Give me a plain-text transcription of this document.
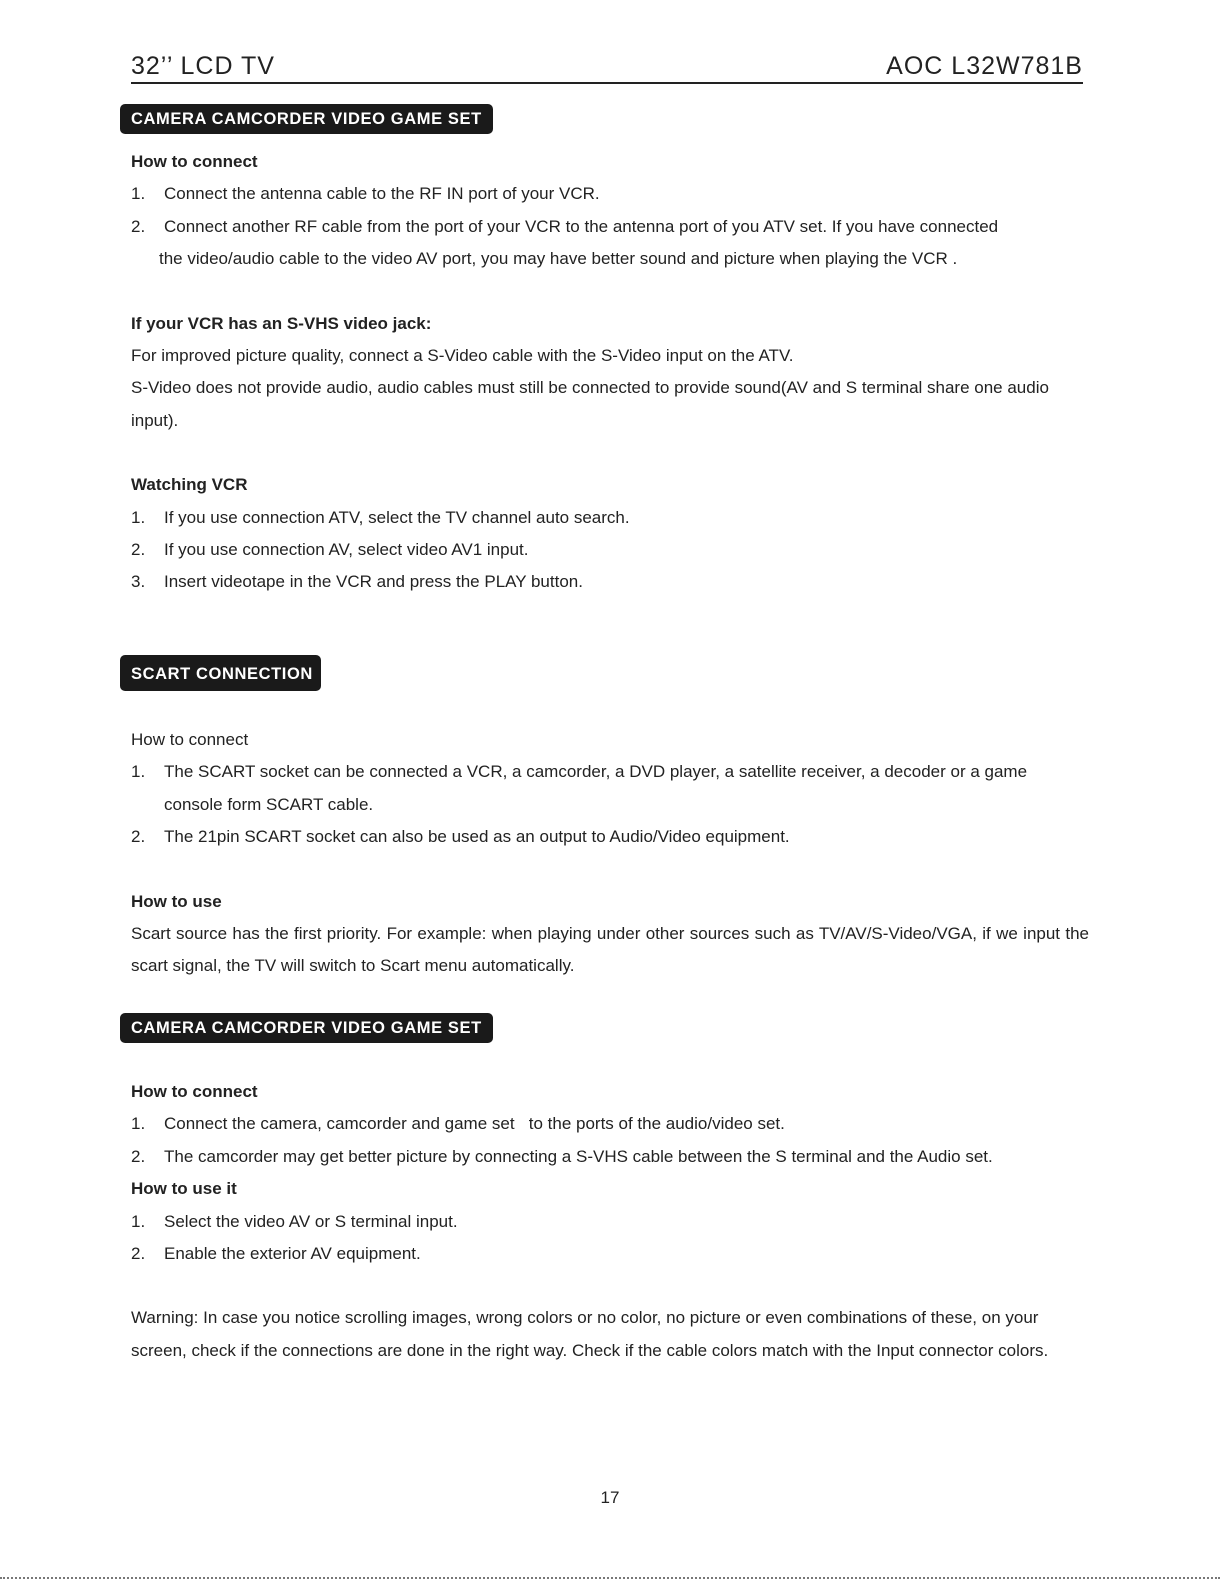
32’’ LCD TV	AOC L32W781B
CAMERA CAMCORDER VIDEO GAME SET

How to connect

1. Connect the antenna cable to the RF IN port of your VCR.

2. Connect another RF cable from the port of your VCR to the antenna port of you ATV set. If you have connected

the video/audio cable to the video AV port, you may have better sound and picture when playing the VCR .

If your VCR has an S-VHS video jack:

For improved picture quality, connect a S-Video cable with the S-Video input on the ATV.

S-Video does not provide audio, audio cables must still be connected to provide sound(AV and S terminal share one audio input).

Watching VCR

1. If you use connection ATV, select the TV channel auto search.

2. If you use connection AV, select video AV1 input.

3. Insert videotape in the VCR and press the PLAY button.

SCART CONNECTION

How to connect

1. The SCART socket can be connected a VCR, a camcorder, a DVD player, a satellite receiver, a decoder or a game console form SCART cable.

2. The 21pin SCART socket can also be used as an output to Audio/Video equipment.

How to use

Scart source has the first priority. For example: when playing under other sources such as TV/AV/S-Video/VGA, if we input the scart signal, the TV will switch to Scart menu automatically.

CAMERA CAMCORDER VIDEO GAME SET

How to connect

1. Connect the camera, camcorder and game set   to the ports of the audio/video set.

2. The camcorder may get better picture by connecting a S-VHS cable between the S terminal and the Audio set.

How to use it

1. Select the video AV or S terminal input.

2. Enable the exterior AV equipment.

Warning: In case you notice scrolling images, wrong colors or no color, no picture or even combinations of these, on your screen, check if the connections are done in the right way. Check if the cable colors match with the Input connector colors.

17
